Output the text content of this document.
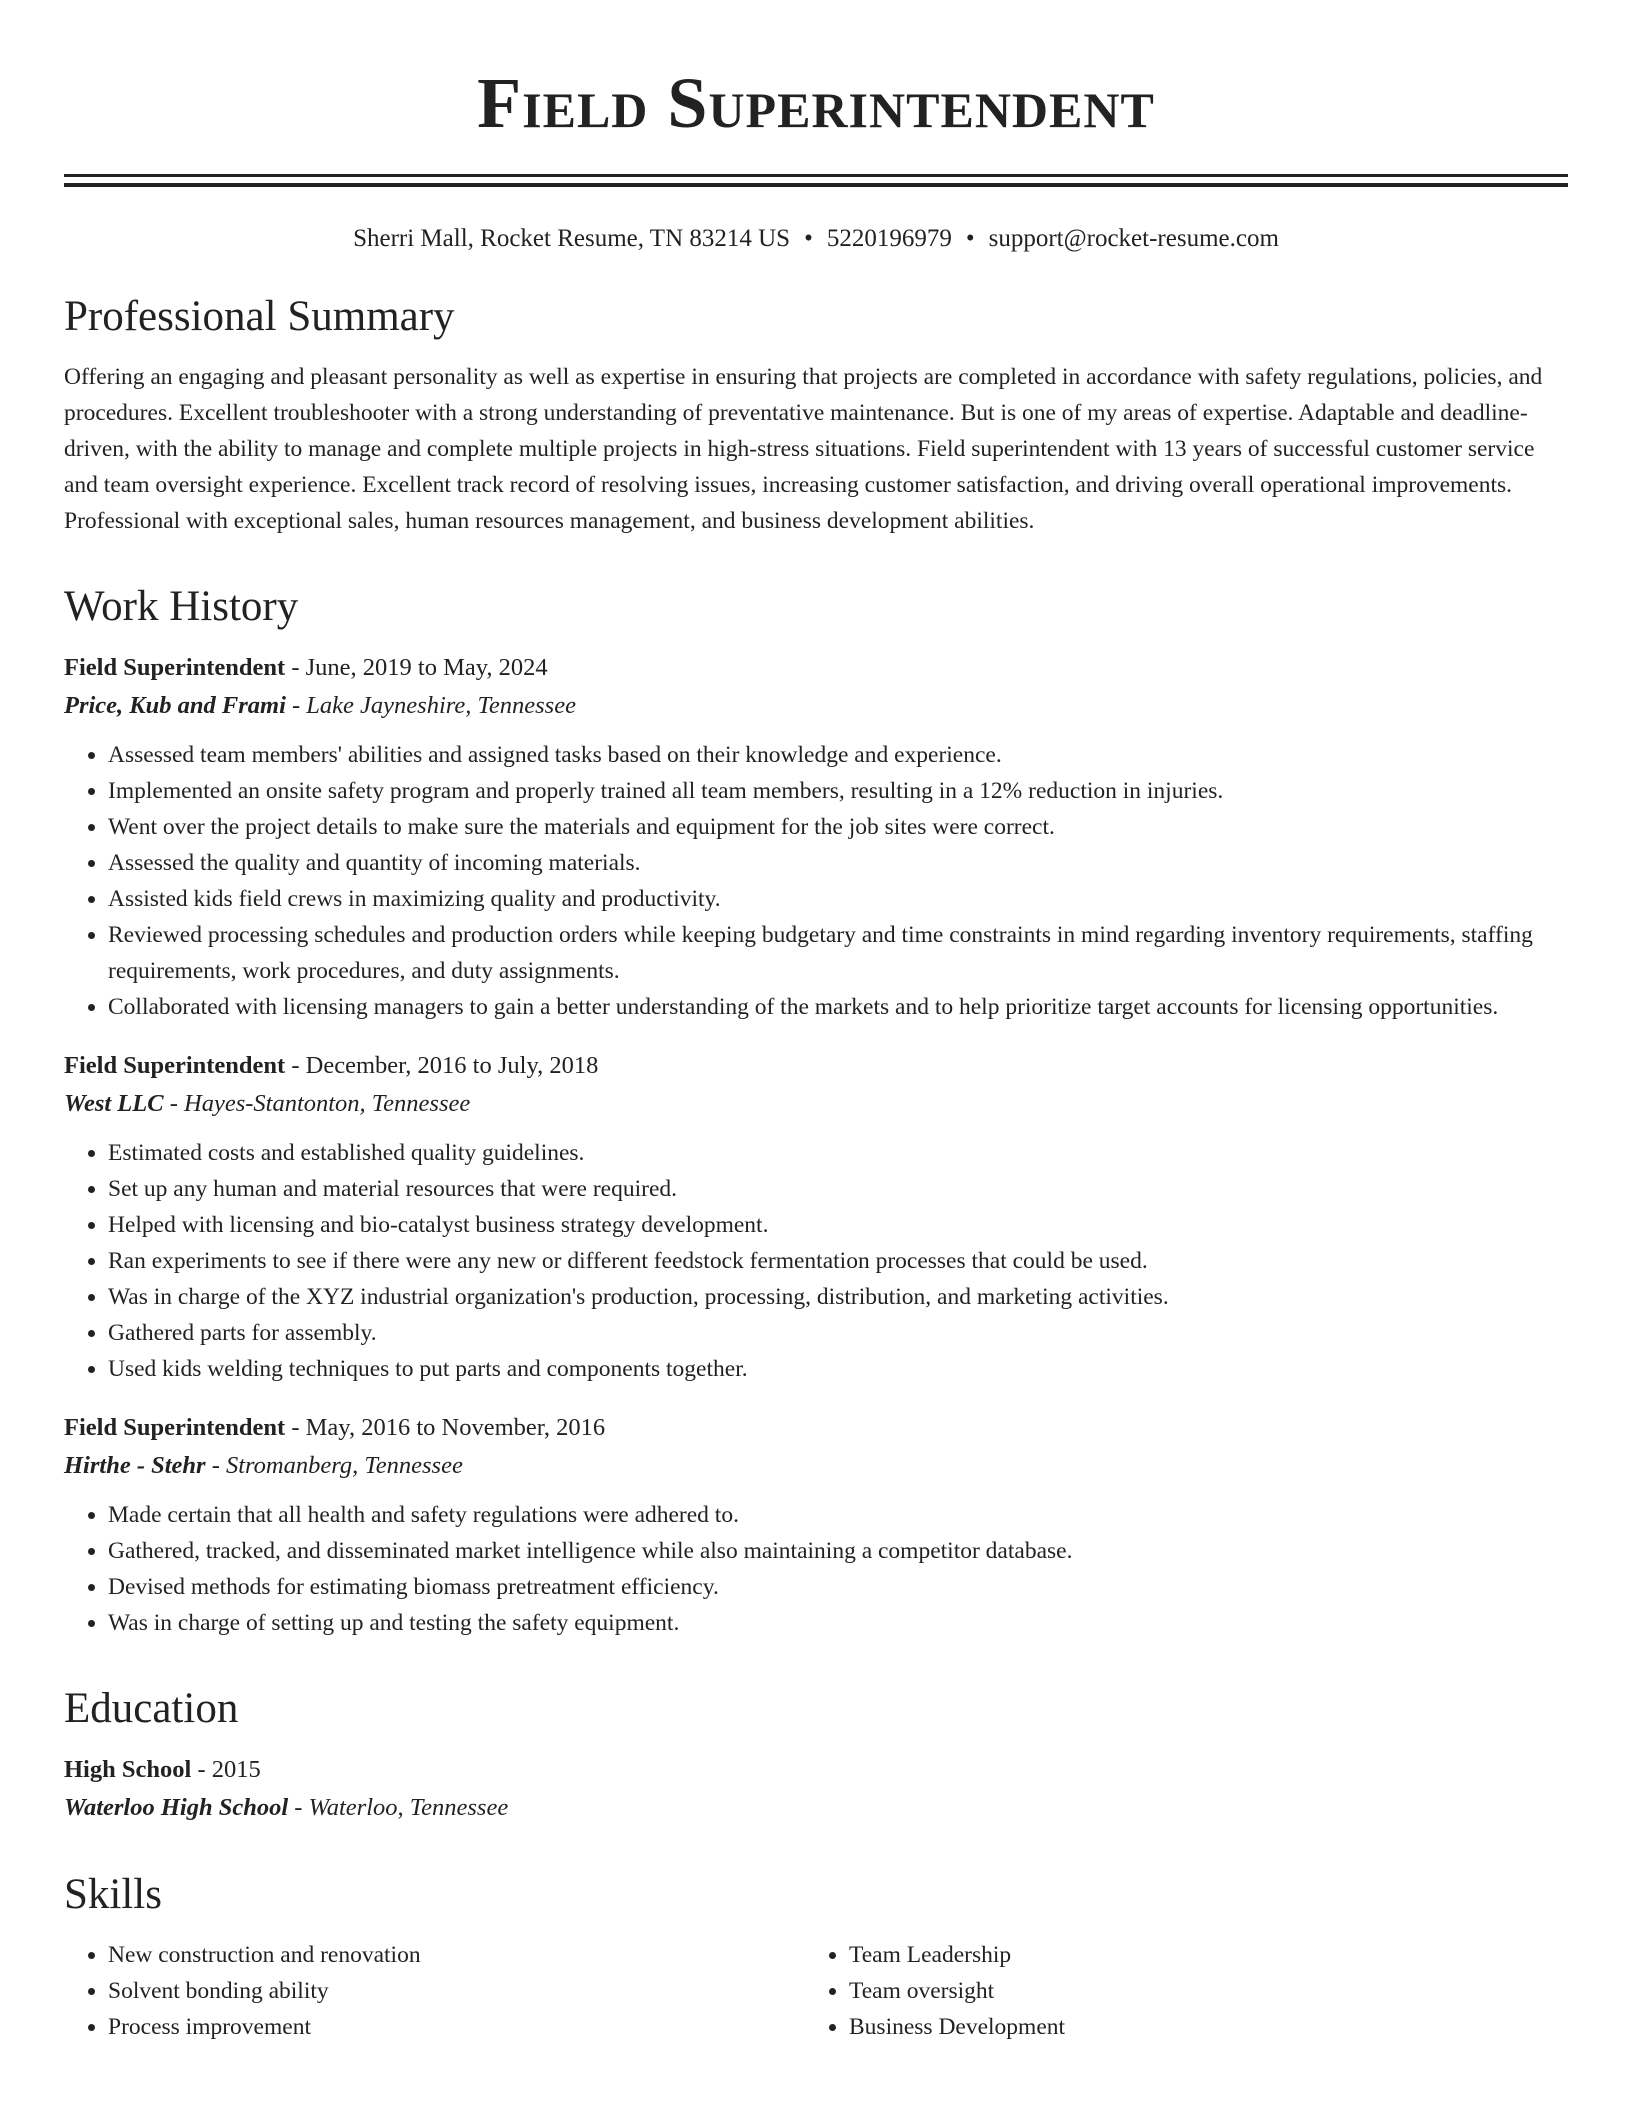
Field Superintendent
Sherri Mall, Rocket Resume, TN 83214 US • 5220196979 • support@rocket-resume.com
Professional Summary

Offering an engaging and pleasant personality as well as expertise in ensuring that projects are completed in accordance with safety regulations, policies, and procedures. Excellent troubleshooter with a strong understanding of preventative maintenance. But is one of my areas of expertise. Adaptable and deadline-driven, with the ability to manage and complete multiple projects in high-stress situations. Field superintendent with 13 years of successful customer service and team oversight experience. Excellent track record of resolving issues, increasing customer satisfaction, and driving overall operational improvements. Professional with exceptional sales, human resources management, and business development abilities.

Work History
Field Superintendent - June, 2019 to May, 2024
Price, Kub and Frami - Lake Jayneshire, Tennessee
• Assessed team members' abilities and assigned tasks based on their knowledge and experience.
• Implemented an onsite safety program and properly trained all team members, resulting in a 12% reduction in injuries.
• Went over the project details to make sure the materials and equipment for the job sites were correct.
• Assessed the quality and quantity of incoming materials.
• Assisted kids field crews in maximizing quality and productivity.
• Reviewed processing schedules and production orders while keeping budgetary and time constraints in mind regarding inventory requirements, staffing requirements, work procedures, and duty assignments.
• Collaborated with licensing managers to gain a better understanding of the markets and to help prioritize target accounts for licensing opportunities.
Field Superintendent - December, 2016 to July, 2018
West LLC - Hayes-Stantonton, Tennessee
• Estimated costs and established quality guidelines.
• Set up any human and material resources that were required.
• Helped with licensing and bio-catalyst business strategy development.
• Ran experiments to see if there were any new or different feedstock fermentation processes that could be used.
• Was in charge of the XYZ industrial organization's production, processing, distribution, and marketing activities.
• Gathered parts for assembly.
• Used kids welding techniques to put parts and components together.
Field Superintendent - May, 2016 to November, 2016
Hirthe - Stehr - Stromanberg, Tennessee
• Made certain that all health and safety regulations were adhered to.
• Gathered, tracked, and disseminated market intelligence while also maintaining a competitor database.
• Devised methods for estimating biomass pretreatment efficiency.
• Was in charge of setting up and testing the safety equipment.
Education
High School - 2015
Waterloo High School - Waterloo, Tennessee
Skills
• New construction and renovation
• Solvent bonding ability
• Process improvement
• Team Leadership
• Team oversight
• Business Development
